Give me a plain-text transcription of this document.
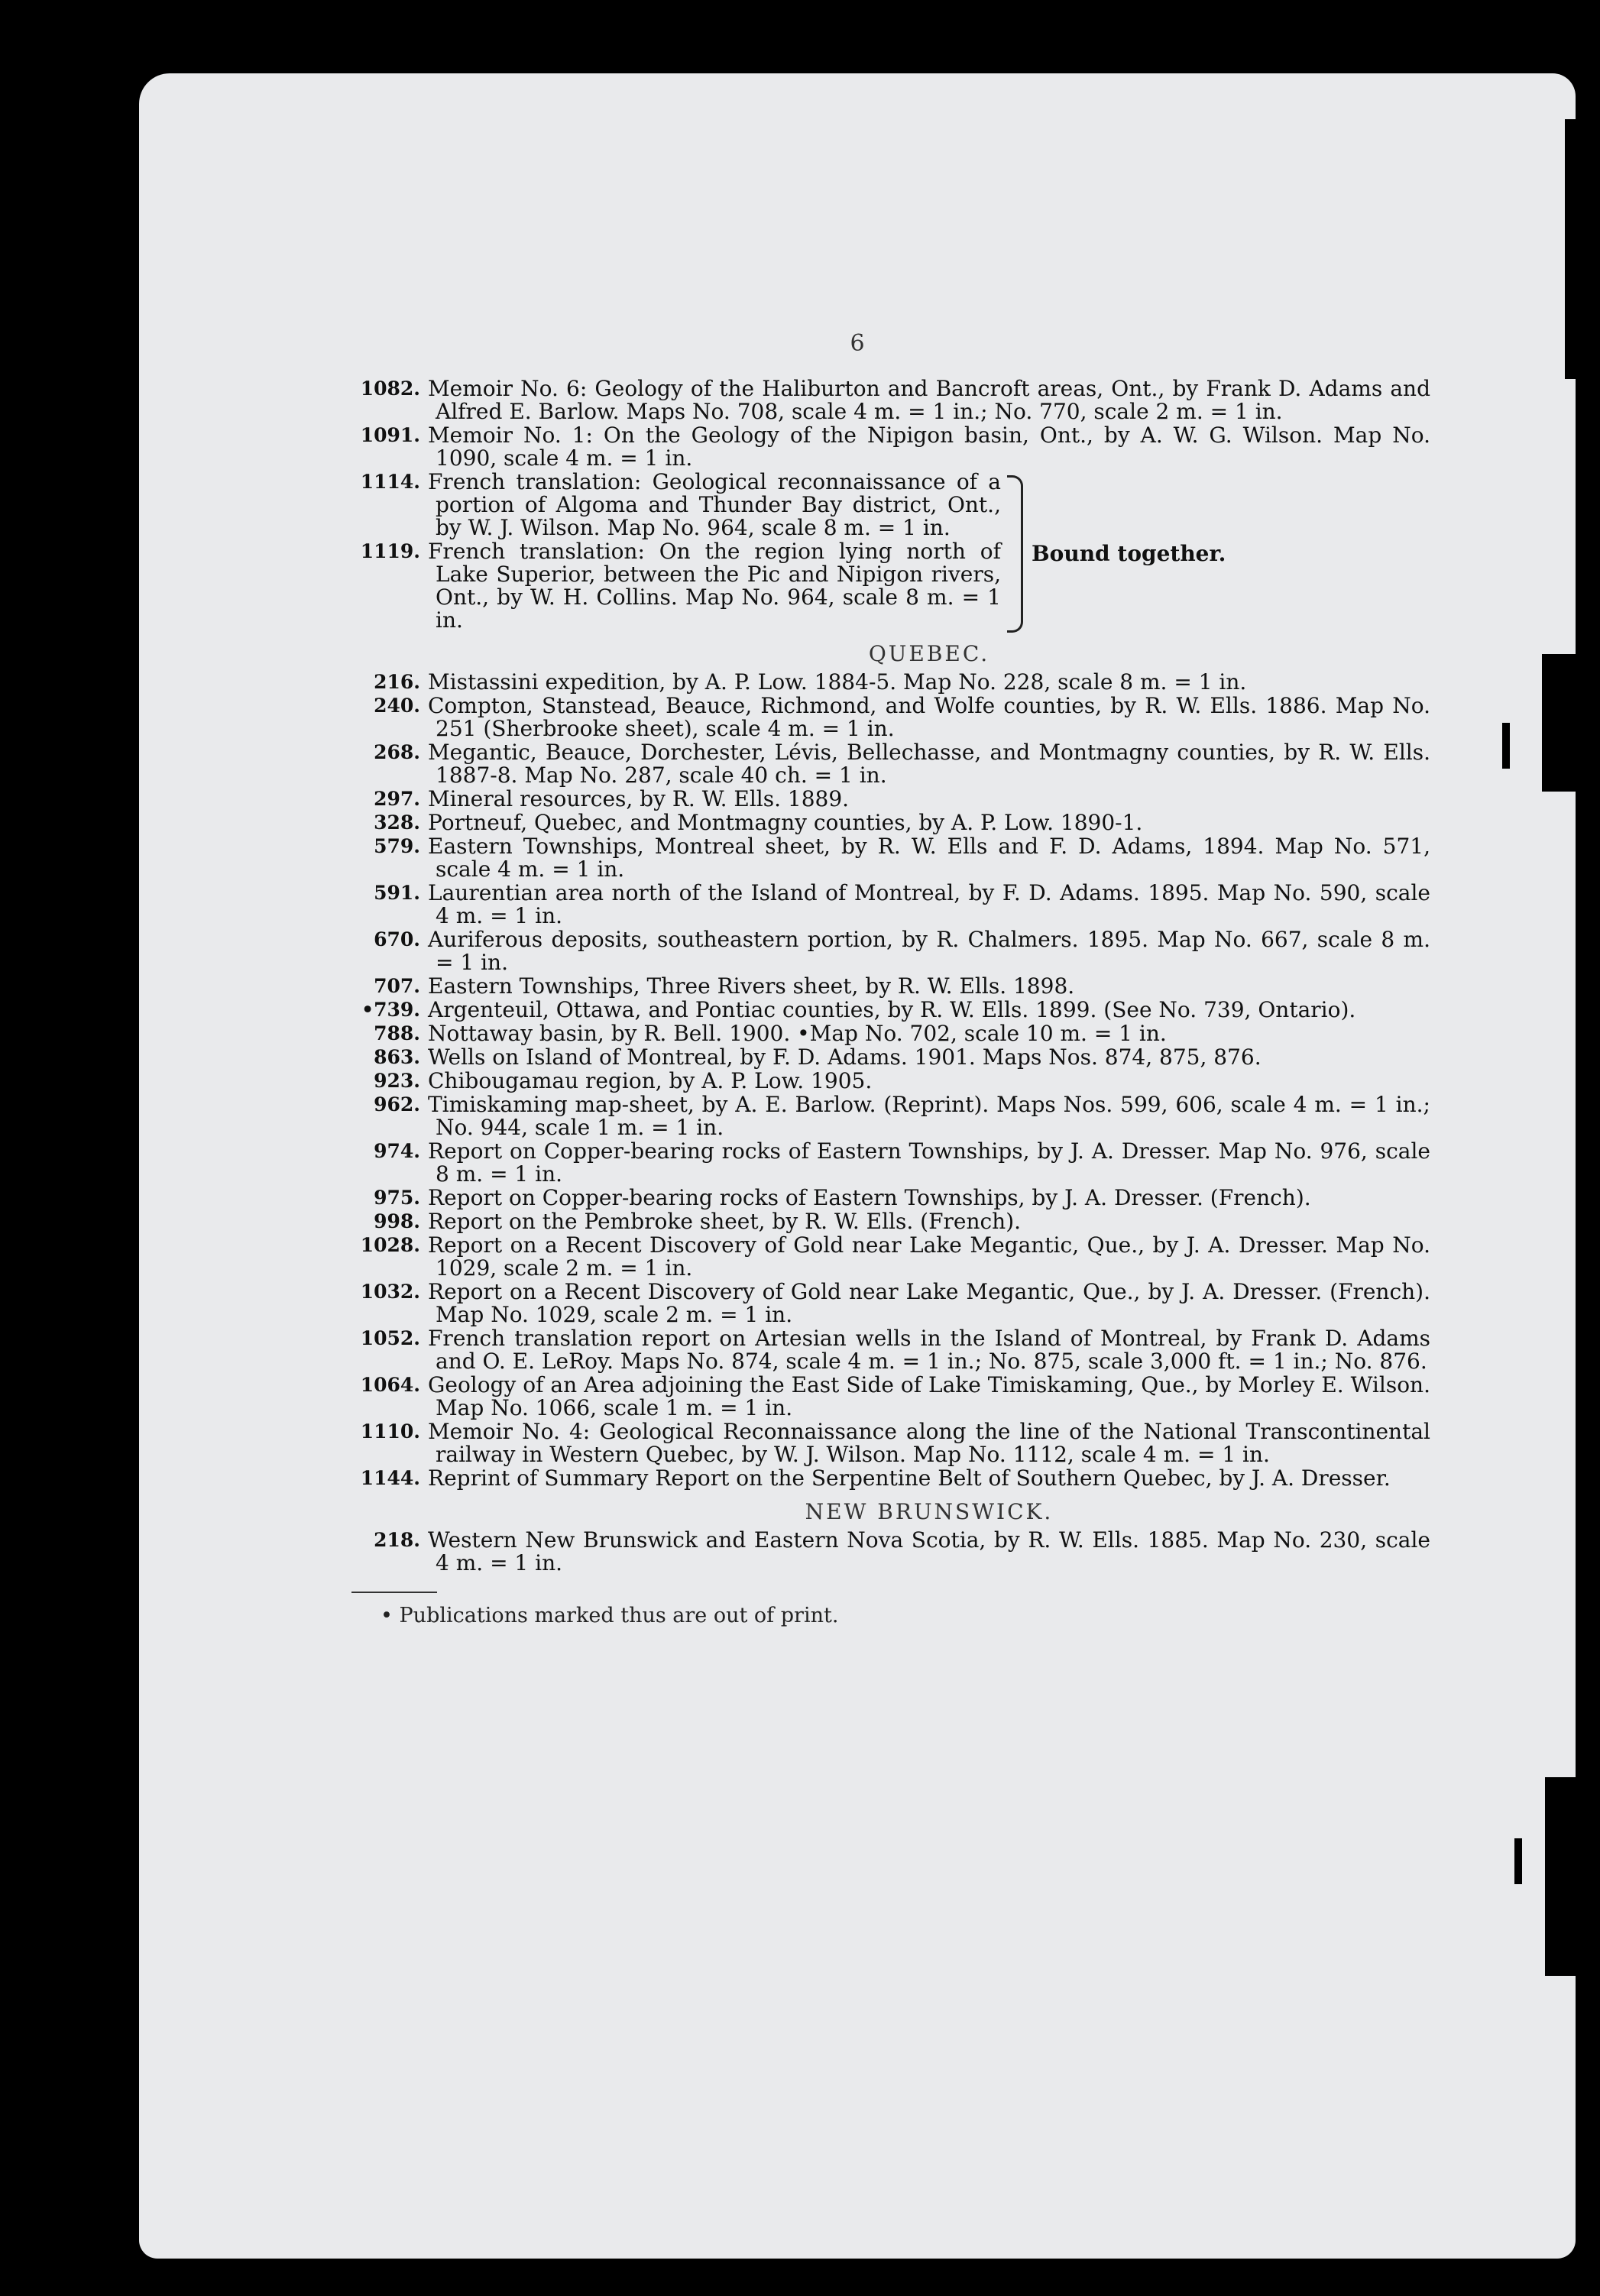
6
1082. Memoir No. 6: Geology of the Haliburton and Bancroft areas, Ont., by Frank D. Adams and Alfred E. Barlow. Maps No. 708, scale 4 m. = 1 in.; No. 770, scale 2 m. = 1 in.
1091. Memoir No. 1: On the Geology of the Nipigon basin, Ont., by A. W. G. Wilson. Map No. 1090, scale 4 m. = 1 in.
1114. French translation: Geological reconnaissance of a portion of Algoma and Thunder Bay district, Ont., by W. J. Wilson. Map No. 964, scale 8 m. = 1 in.
1119. French translation: On the region lying north of Lake Superior, between the Pic and Nipigon rivers, Ont., by W. H. Collins. Map No. 964, scale 8 m. = 1 in.
Bound together.
QUEBEC.
216. Mistassini expedition, by A. P. Low. 1884-5. Map No. 228, scale 8 m. = 1 in.
240. Compton, Stanstead, Beauce, Richmond, and Wolfe counties, by R. W. Ells. 1886. Map No. 251 (Sherbrooke sheet), scale 4 m. = 1 in.
268. Megantic, Beauce, Dorchester, Lévis, Bellechasse, and Montmagny counties, by R. W. Ells. 1887-8. Map No. 287, scale 40 ch. = 1 in.
297. Mineral resources, by R. W. Ells. 1889.
328. Portneuf, Quebec, and Montmagny counties, by A. P. Low. 1890-1.
579. Eastern Townships, Montreal sheet, by R. W. Ells and F. D. Adams, 1894. Map No. 571, scale 4 m. = 1 in.
591. Laurentian area north of the Island of Montreal, by F. D. Adams. 1895. Map No. 590, scale 4 m. = 1 in.
670. Auriferous deposits, southeastern portion, by R. Chalmers. 1895. Map No. 667, scale 8 m. = 1 in.
707. Eastern Townships, Three Rivers sheet, by R. W. Ells. 1898.
•739. Argenteuil, Ottawa, and Pontiac counties, by R. W. Ells. 1899. (See No. 739, Ontario).
788. Nottaway basin, by R. Bell. 1900. •Map No. 702, scale 10 m. = 1 in.
863. Wells on Island of Montreal, by F. D. Adams. 1901. Maps Nos. 874, 875, 876.
923. Chibougamau region, by A. P. Low. 1905.
962. Timiskaming map-sheet, by A. E. Barlow. (Reprint). Maps Nos. 599, 606, scale 4 m. = 1 in.; No. 944, scale 1 m. = 1 in.
974. Report on Copper-bearing rocks of Eastern Townships, by J. A. Dresser. Map No. 976, scale 8 m. = 1 in.
975. Report on Copper-bearing rocks of Eastern Townships, by J. A. Dresser. (French).
998. Report on the Pembroke sheet, by R. W. Ells. (French).
1028. Report on a Recent Discovery of Gold near Lake Megantic, Que., by J. A. Dresser. Map No. 1029, scale 2 m. = 1 in.
1032. Report on a Recent Discovery of Gold near Lake Megantic, Que., by J. A. Dresser. (French). Map No. 1029, scale 2 m. = 1 in.
1052. French translation report on Artesian wells in the Island of Montreal, by Frank D. Adams and O. E. LeRoy. Maps No. 874, scale 4 m. = 1 in.; No. 875, scale 3,000 ft. = 1 in.; No. 876.
1064. Geology of an Area adjoining the East Side of Lake Timiskaming, Que., by Morley E. Wilson. Map No. 1066, scale 1 m. = 1 in.
1110. Memoir No. 4: Geological Reconnaissance along the line of the National Transcontinental railway in Western Quebec, by W. J. Wilson. Map No. 1112, scale 4 m. = 1 in.
1144. Reprint of Summary Report on the Serpentine Belt of Southern Quebec, by J. A. Dresser.
NEW BRUNSWICK.
218. Western New Brunswick and Eastern Nova Scotia, by R. W. Ells. 1885. Map No. 230, scale 4 m. = 1 in.
• Publications marked thus are out of print.
